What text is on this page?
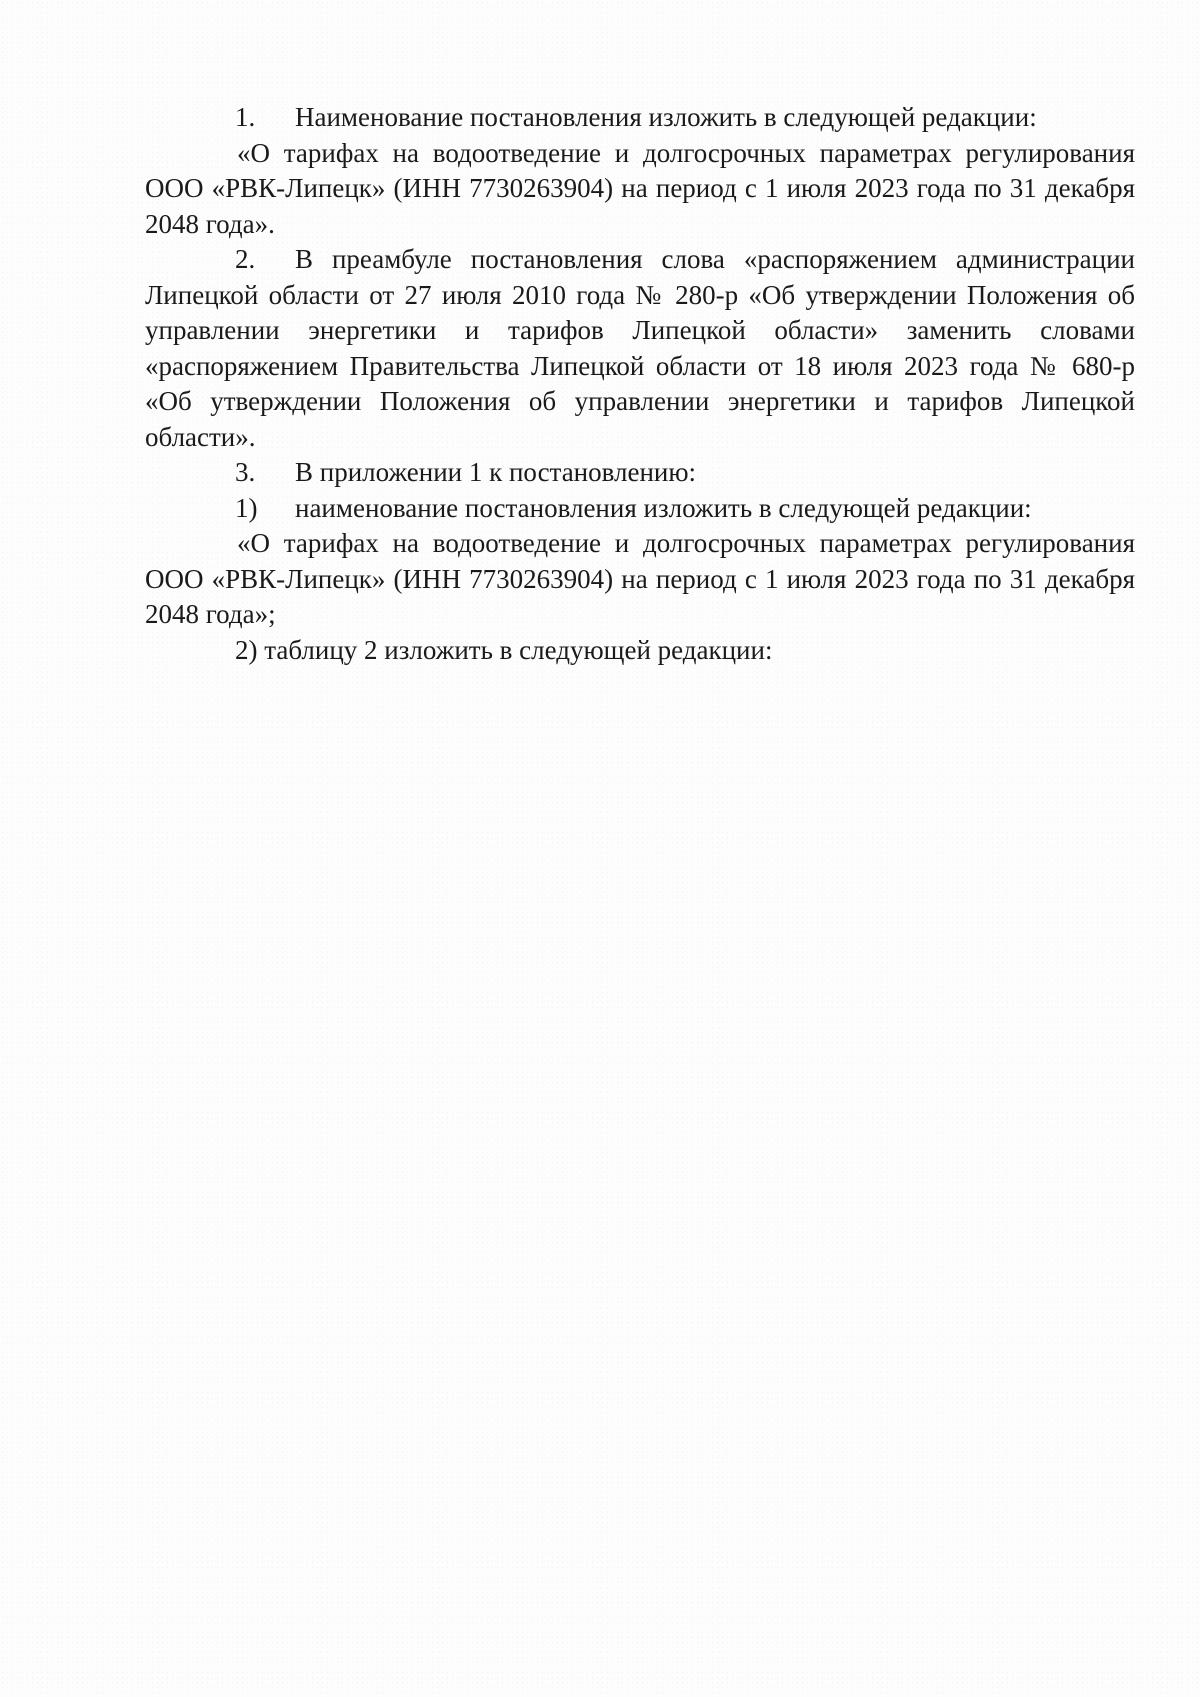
1. Наименование постановления изложить в следующей редакции:

«О тарифах на водоотведение и долгосрочных параметрах регулирования ООО «РВК-Липецк» (ИНН 7730263904) на период с 1 июля 2023 года по 31 декабря 2048 года».

2. В преамбуле постановления слова «распоряжением администрации Липецкой области от 27 июля 2010 года № 280-р «Об утверждении Положения об управлении энергетики и тарифов Липецкой области» заменить словами «распоряжением Правительства Липецкой области от 18 июля 2023 года № 680-р «Об утверждении Положения об управлении энергетики и тарифов Липецкой области».

3. В приложении 1 к постановлению:

1) наименование постановления изложить в следующей редакции:

«О тарифах на водоотведение и долгосрочных параметрах регулирования ООО «РВК-Липецк» (ИНН 7730263904) на период с 1 июля 2023 года по 31 декабря 2048 года»;

2) таблицу 2 изложить в следующей редакции:
